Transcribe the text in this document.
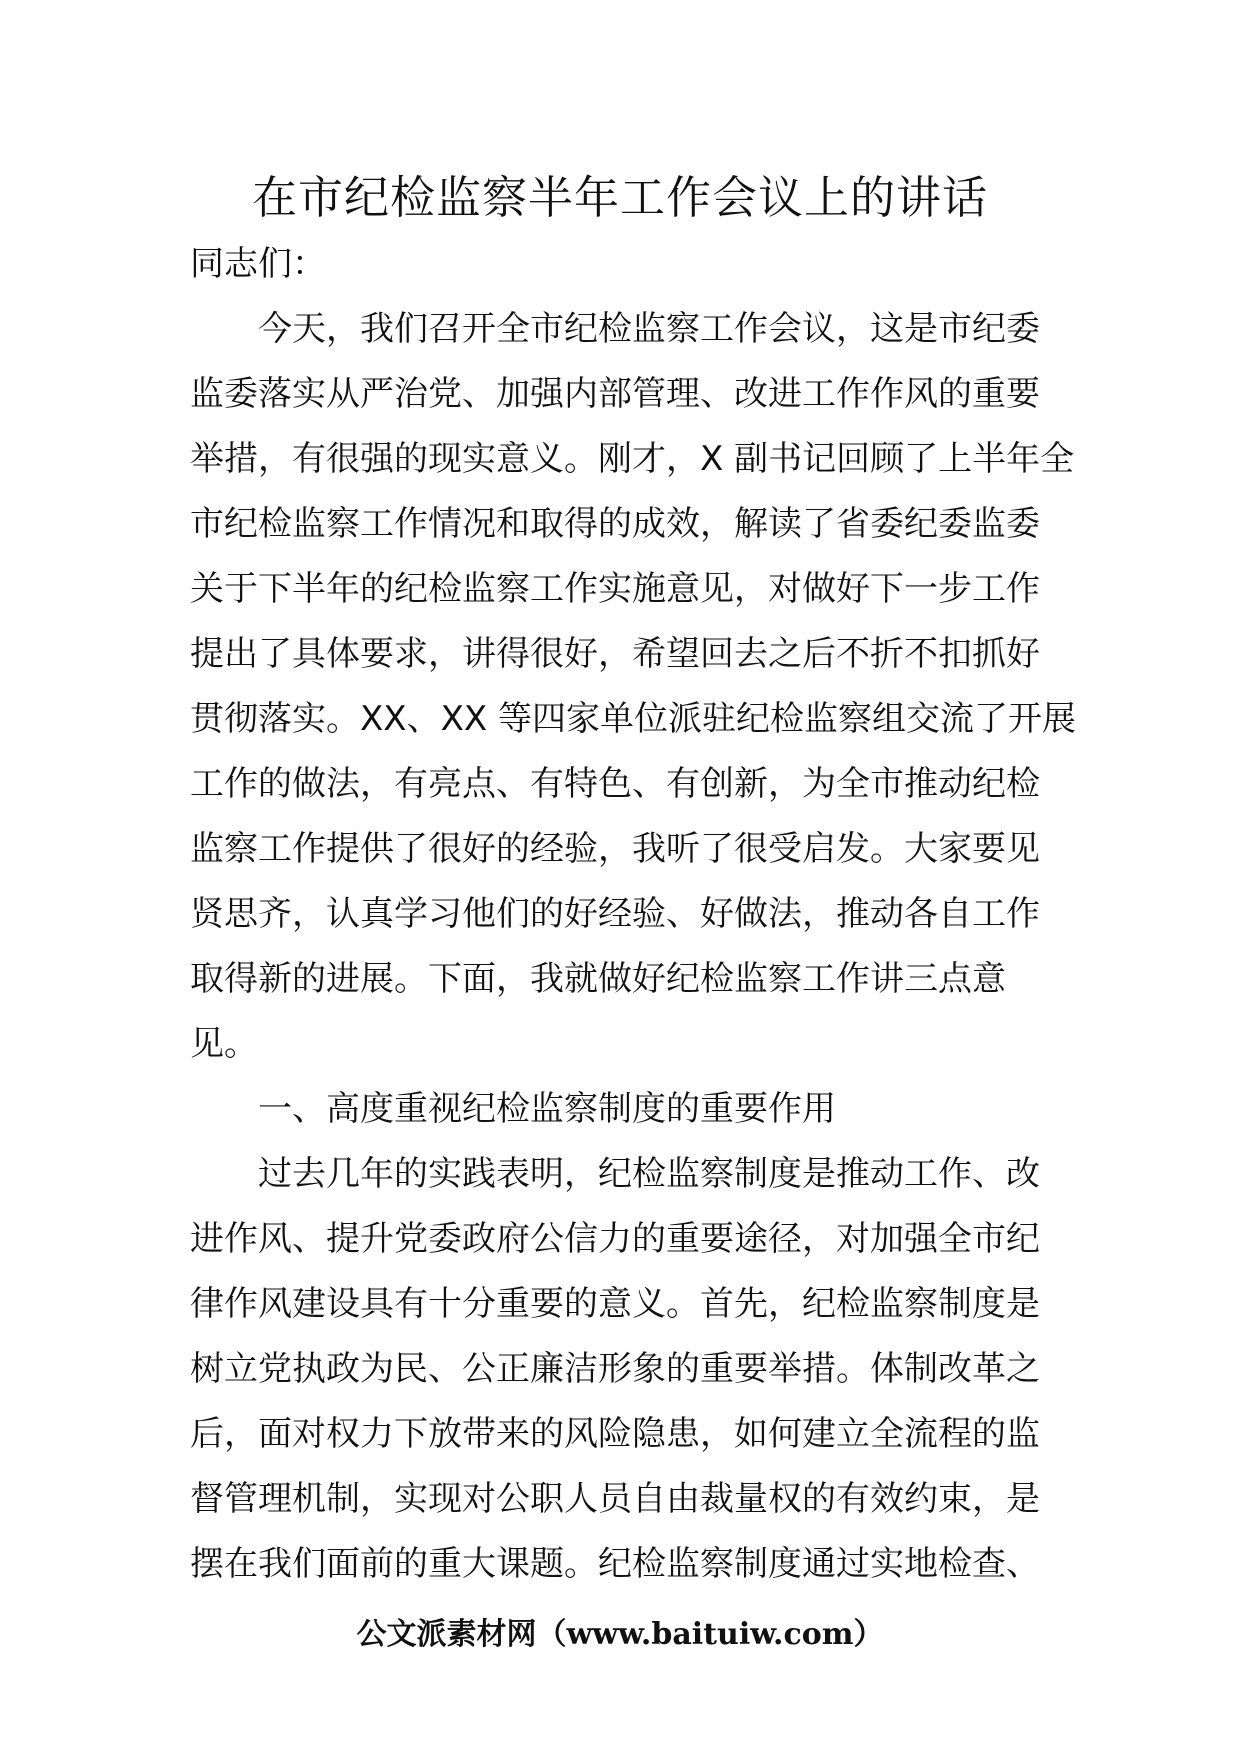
在市纪检监察半年工作会议上的讲话
同志们：
今天，我们召开全市纪检监察工作会议，这是市纪委
监委落实从严治党、加强内部管理、改进工作作风的重要
举措，有很强的现实意义。刚才，X 副书记回顾了上半年全
市纪检监察工作情况和取得的成效，解读了省委纪委监委
关于下半年的纪检监察工作实施意见，对做好下一步工作
提出了具体要求，讲得很好，希望回去之后不折不扣抓好
贯彻落实。XX、XX 等四家单位派驻纪检监察组交流了开展
工作的做法，有亮点、有特色、有创新，为全市推动纪检
监察工作提供了很好的经验，我听了很受启发。大家要见
贤思齐，认真学习他们的好经验、好做法，推动各自工作
取得新的进展。下面，我就做好纪检监察工作讲三点意
见。
一、高度重视纪检监察制度的重要作用
过去几年的实践表明，纪检监察制度是推动工作、改
进作风、提升党委政府公信力的重要途径，对加强全市纪
律作风建设具有十分重要的意义。首先，纪检监察制度是
树立党执政为民、公正廉洁形象的重要举措。体制改革之
后，面对权力下放带来的风险隐患，如何建立全流程的监
督管理机制，实现对公职人员自由裁量权的有效约束，是
摆在我们面前的重大课题。纪检监察制度通过实地检查、
公文派素材网（www.baituiw.com）
